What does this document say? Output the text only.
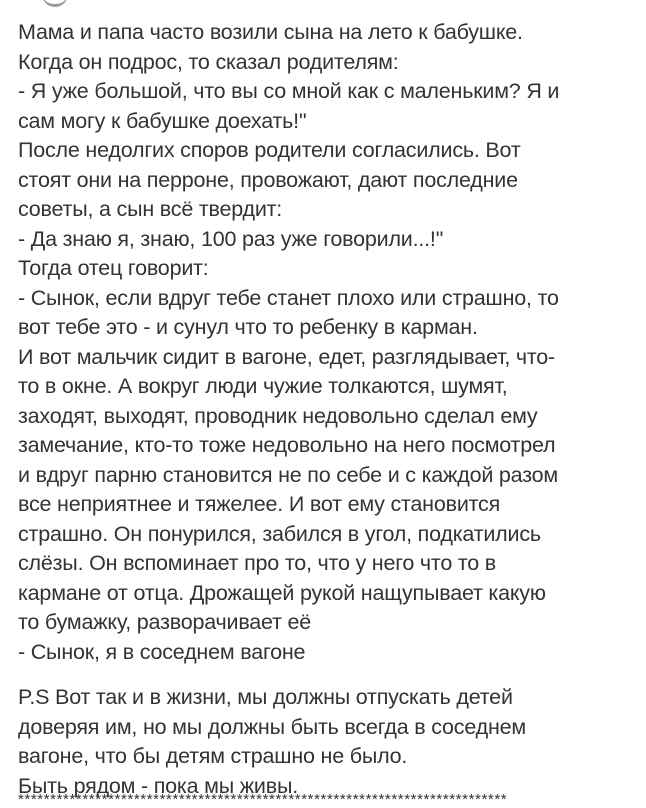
Мама и папа часто возили сына на лето к бабушке.
Когда он подрос, то сказал родителям:
- Я уже большой, что вы со мной как с маленьким? Я и
сам могу к бабушке доехать!"
После недолгих споров родители согласились. Вот
стоят они на перроне, провожают, дают последние
советы, а сын всё твердит:
- Да знаю я, знаю, 100 раз уже говорили...!"
Тогда отец говорит:
- Сынок, если вдруг тебе станет плохо или страшно, то
вот тебе это - и сунул что то ребенку в карман.
И вот мальчик сидит в вагоне, едет, разглядывает, что-
то в окне. А вокруг люди чужие толкаются, шумят,
заходят, выходят, проводник недовольно сделал ему
замечание, кто-то тоже недовольно на него посмотрел
и вдруг парню становится не по себе и с каждой разом
все неприятнее и тяжелее. И вот ему становится
страшно. Он понурился, забился в угол, подкатились
слёзы. Он вспоминает про то, что у него что то в
кармане от отца. Дрожащей рукой нащупывает какую
то бумажку, разворачивает её
- Сынок, я в соседнем вагоне
P.S Вот так и в жизни, мы должны отпускать детей
доверяя им, но мы должны быть всегда в соседнем
вагоне, что бы детям страшно не было.
Быть рядом - пока мы живы.
****************************************************************************
